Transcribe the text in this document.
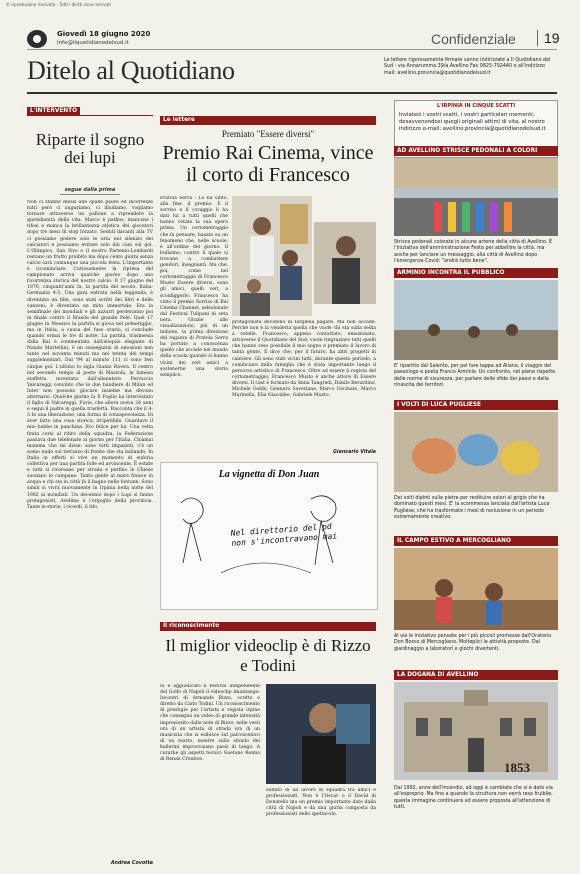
© riproduzione riservata - Tutti i diritti sono riservati
Giovedì 18 giugno 2020
info@ilquotidianodelsud.it	Confidenziale	19
Ditelo al Quotidiano	Le lettere rigorosamente firmate vanno indirizzate a Il Quotidiano del Sud - via Annarumma 39/a Avellino Fax 0825-792440 o all'indirizzo mail: avellino.provincia@quotidianodelsud.it
L'INTERVENTO
Riparte il sogno dei lupi
segue dalla prima
Non ci stanno messi alle spalle paure ed incertezze tutti però ci auguriamo, ci illudiamo, vogliamo tornare attraverso un pallone a riprendere la quotidianità della vita. Marco è pathos, mancano i tifosi e manca la brillantezza atletica dei giocatori dopo tre mesi di stop forzato. Seduti davanti alla TV ci possiamo godere solo le urla nel silenzio dei calciatori e possiamo evitare solo dai cani sul gol. L'Olimpico, San Siro o il nostro Partenio-Lombardi restano un frutto proibito ma dopo cento giorni senza calcio sarà comunque una piccola festa. L'importante è ricominciare. Curiosamente la ripresa del campionato arriva qualche giorno dopo una ricorrenza storica del nostro calcio. Il 17 giugno del 1970, cinquant'anni fa, la partita del secolo: Italia-Germania 4-3. Una gara entrata nella leggenda, è diventata un film, sono stati scritti dei libri e delle canzoni, è diventata un mito immortale. Era la semifinale dei mondiali e gli azzurri perderanno poi in finale contro il Brasile del grande Pelè. Quel 17 giugno in Messico la partita si gioca nel pomeriggio, ma in Italia, a causa del fuso orario, si conclude quando ormai le tre di notte. La partita, trasmessa dalla Rai è commentata dall'eloquio elegante di Nando Martellini, è un susseguirsi di emozioni non tanto nel novanta minuti ma nei trenta dei tempi supplementari. Dal '94 al minuto 111 ci sono ben cinque gol. L'ultimo lo sigla Gianni Rivera. Il centro nel secondo tempo al posto di Mazzola, la famosa staffetta inventata dall'allenatore Ferruccio Valcareggi convinto che le due bandiere di Milan ed Inter non possono giocare insieme ma devono alternarsi. Qualche giorno fa Il Foglio ha intervistato il figlio di Valcareggi, Furio, che allora aveva 24 anni e seguì il padre in quella trasferta. Racconta che il 4-3 fu una liberazione, una forma di consapevolezza. Di aver fatto una cosa storica, irripetibile. Guardavo il mio babbo in panchina. Ero felice per lui. Una volta finita corsi al ritiro della squadra, la Federazione passava due telefonate al giorno per l'Italia. Chiamai mamma che mi disse: sono tutti impazziti, c'è un uomo nudo sul terrazzo di fronte che sta ballando. In Italia in effetti si vive un momento di euforia collettiva per una partita folle ed avvincente. È estate e tutti si riversano per strada e perfino le Chiese suonano le campane. Tanta gente al mare finisce in acqua e chi sta in città fa il bagno nelle fontane. Sono simili si vivrà nuovamente in Irpinia nella notte del 1982 ai mondiali. Un decennio dopo i Lupi si fanno protagonisti, Avellino è l'orgoglio della provincia. Tante le storie, i ricordi, il tifo.
Andrea Covotta
Le lettere
Premiato "Essere diversi"
Premio Rai Cinema, vince il corto di Francesco
Pratola Serra - Lo ha vinto, alla fine, il premio. E il sorriso e il coraggio li ha dati lui a tutti quelli che hanno votato la sua opera prima. Un cortometraggio che fa pensare, basato su un fenomeno che, nelle scuole, è all'ordine del giorno. Il bullismo, contro il quale si trovano a combattere genitori, insegnanti. Ma che, poi, come nel cortometraggio di Francesco Musto Essere diversi, sono gli amici, quelli veri, a sconfiggerlo. Francesco ha vinto il premio Sorriso di Rai Cinema Channel, selezionato dal Festival Tulipani di seta nera. Grazie alle visualizzazioni, più di un milione, la prima direzione del ragazzo di Pratola Serra ha portato a conoscenza quello che accade nel mondo della scuola quando si hanno vicini dei veri amici a sostenerne una storia semplice.
protagonista decidono di fargliela pagare. Ma non accade. Perché non è la vendetta quella che vuole chi sta sulla sedia a rotelle. Francesco, appena contattato, emozionato, attraverso il Quotidiano del Sud, vuole ringraziare tutti quelli che hanno reso possibile il mio sogno e premiato il lavoro di tanta gente. E dice che, per il futuro, ha altri progetti in cantiere. Gli sono stati vicini tutti, durante questo periodo, a cominciare dalla famiglia che è stata importante lungo il percorso artistico di Francesco. Oltre ad essere il regista del cortometraggio, Francesco Musto è anche attore di Essere diversi. Il cast è formato da Anna Tangredi, Danilo Berardino, Michele Gobbi, Gennaro Saveriano, Marco Cecinato, Marco Marinella, Elia Giacobbe, Gabriele Musto.
Giancarlo Vitale
La vignetta di Don Juan
Nel direttorio del pd non s'incontravano mai
Il riconoscimento
Il miglior videoclip è di Rizzo e Todini
Si è aggiudicato il festival indipendente del Golfo di Napoli il videoclip Anantango-Incontri di Armando Rizzo, scritto e diretto da Carlo Todini. Un riconoscimento di prestigio per l'artista e regista irpino che consegna un video di grande intensità impreziosito dalle note di Rizzo, nelle vesti ora di un artista di strada ora di un musicista che si esibisce sul palcoscenico di un teatro, mentre sullo sfondo dei ballerini improvvisano passi di tango. A curarne gli aspetti tecnici Gaetano Renna di Renan Creative.
sultato di un lavoro di squadra tra amici e professionisti. Non è l'Oscar o il David di Donatello ma un premio importante dato dalla città di Napoli e da una giuria composta da professionisti dello spettacolo.
L'IRPINIA IN CINQUE SCATTI
Inviateci i vostri scatti, i vostri particolari momenti, desavvenendosi quegli originali attimi di vita, al nostro indirizzo e-mail: avellino.provincia@quotidianodelsud.it
AD AVELLINO STRISCE PEDONALI A COLORI
Strisce pedonali colorate in alcune arterie della città di Avellino. È l'iniziativa dell'amministrazione Festa per abbellire la città, ma anche per lanciare un messaggio, alla città di Avellino dopo l'emergenza Covid: "andrà tutto bene".
ARMINIO INCONTRA IL PUBBLICO
E' ripartito dal Salento, per poi fare tappa ad Aliano, il viaggio del paesologo e poeta Franco Arminio. Un confronto, nel pieno rispetto delle norme di sicurezza, per parlare delle sfide dei paesi e della rinascita dei territori.
I VOLTI DI LUCA PUGLIESE
Dei volti dipinti sulle pietre per restituire colori al grigio che ha dominato questi mesi. E' la scommessa lanciata dall'artista Luca Pugliese, che ha trasformato i mesi di reclusione in un periodo estremamente creativo.
IL CAMPO ESTIVO A MERCOGLIANO
Al via le iniziative pensate per i più piccoli promosse dall'Oratorio Don Bosco di Mercogliano. Molteplici le attività proposte. Dal giardinaggio a laboratori e giochi divertenti.
LA DOGANA DI AVELLINO
1853
Dal 1992, anno dell'incendio, ad oggi è cambiato che si è dato via all'esproprio. Ma fino a quando la struttura non verrà resa fruibile, questa immagine continuerà ad essere proposta all'attenzione di tutti.
